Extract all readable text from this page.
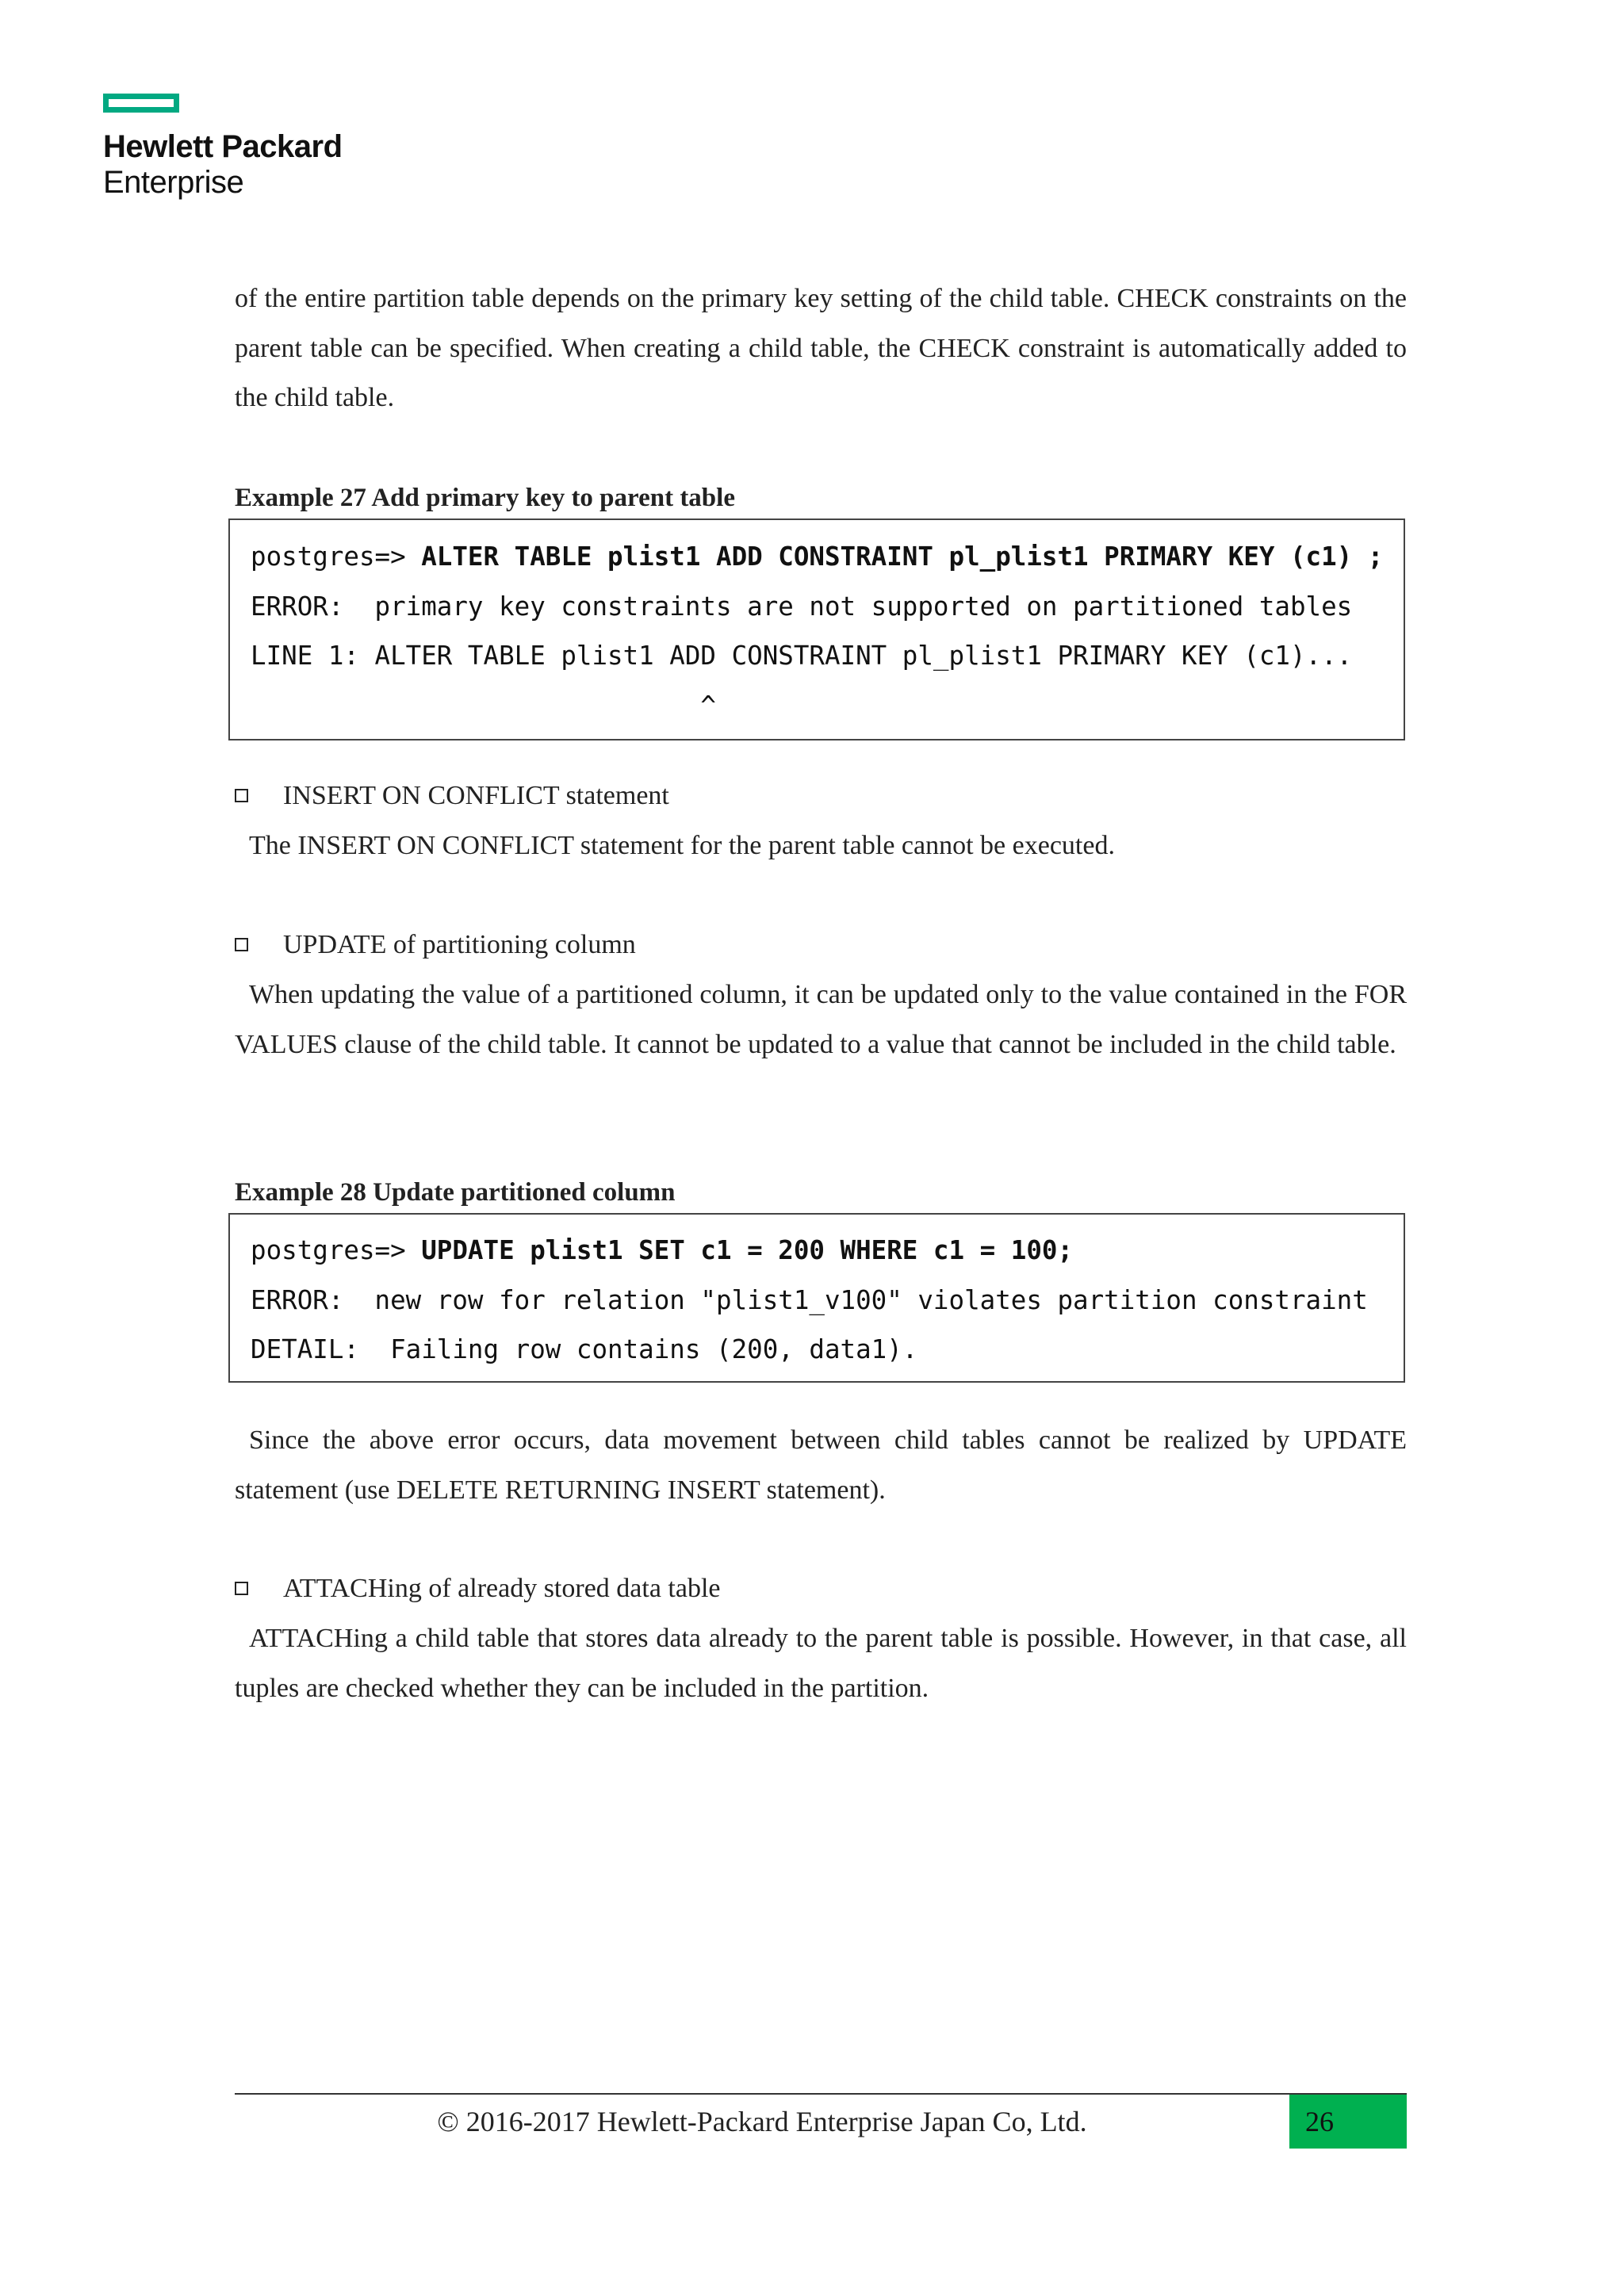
Hewlett Packard
Enterprise

of the entire partition table depends on the primary key setting of the child table. CHECK constraints on the parent table can be specified. When creating a child table, the CHECK constraint is automatically added to the child table.

Example 27 Add primary key to parent table
postgres=> ALTER TABLE plist1 ADD CONSTRAINT pl_plist1 PRIMARY KEY (c1) ;
ERROR:  primary key constraints are not supported on partitioned tables
LINE 1: ALTER TABLE plist1 ADD CONSTRAINT pl_plist1 PRIMARY KEY (c1)...
^
INSERT ON CONFLICT statement

The INSERT ON CONFLICT statement for the parent table cannot be executed.

UPDATE of partitioning column

When updating the value of a partitioned column, it can be updated only to the value contained in the FOR VALUES clause of the child table. It cannot be updated to a value that cannot be included in the child table.

Example 28 Update partitioned column
postgres=> UPDATE plist1 SET c1 = 200 WHERE c1 = 100;
ERROR:  new row for relation "plist1_v100" violates partition constraint
DETAIL:  Failing row contains (200, data1).

Since the above error occurs, data movement between child tables cannot be realized by UPDATE statement (use DELETE RETURNING INSERT statement).

ATTACHing of already stored data table

ATTACHing a child table that stores data already to the parent table is possible. However, in that case, all tuples are checked whether they can be included in the partition.

© 2016-2017 Hewlett-Packard Enterprise Japan Co, Ltd.	26
